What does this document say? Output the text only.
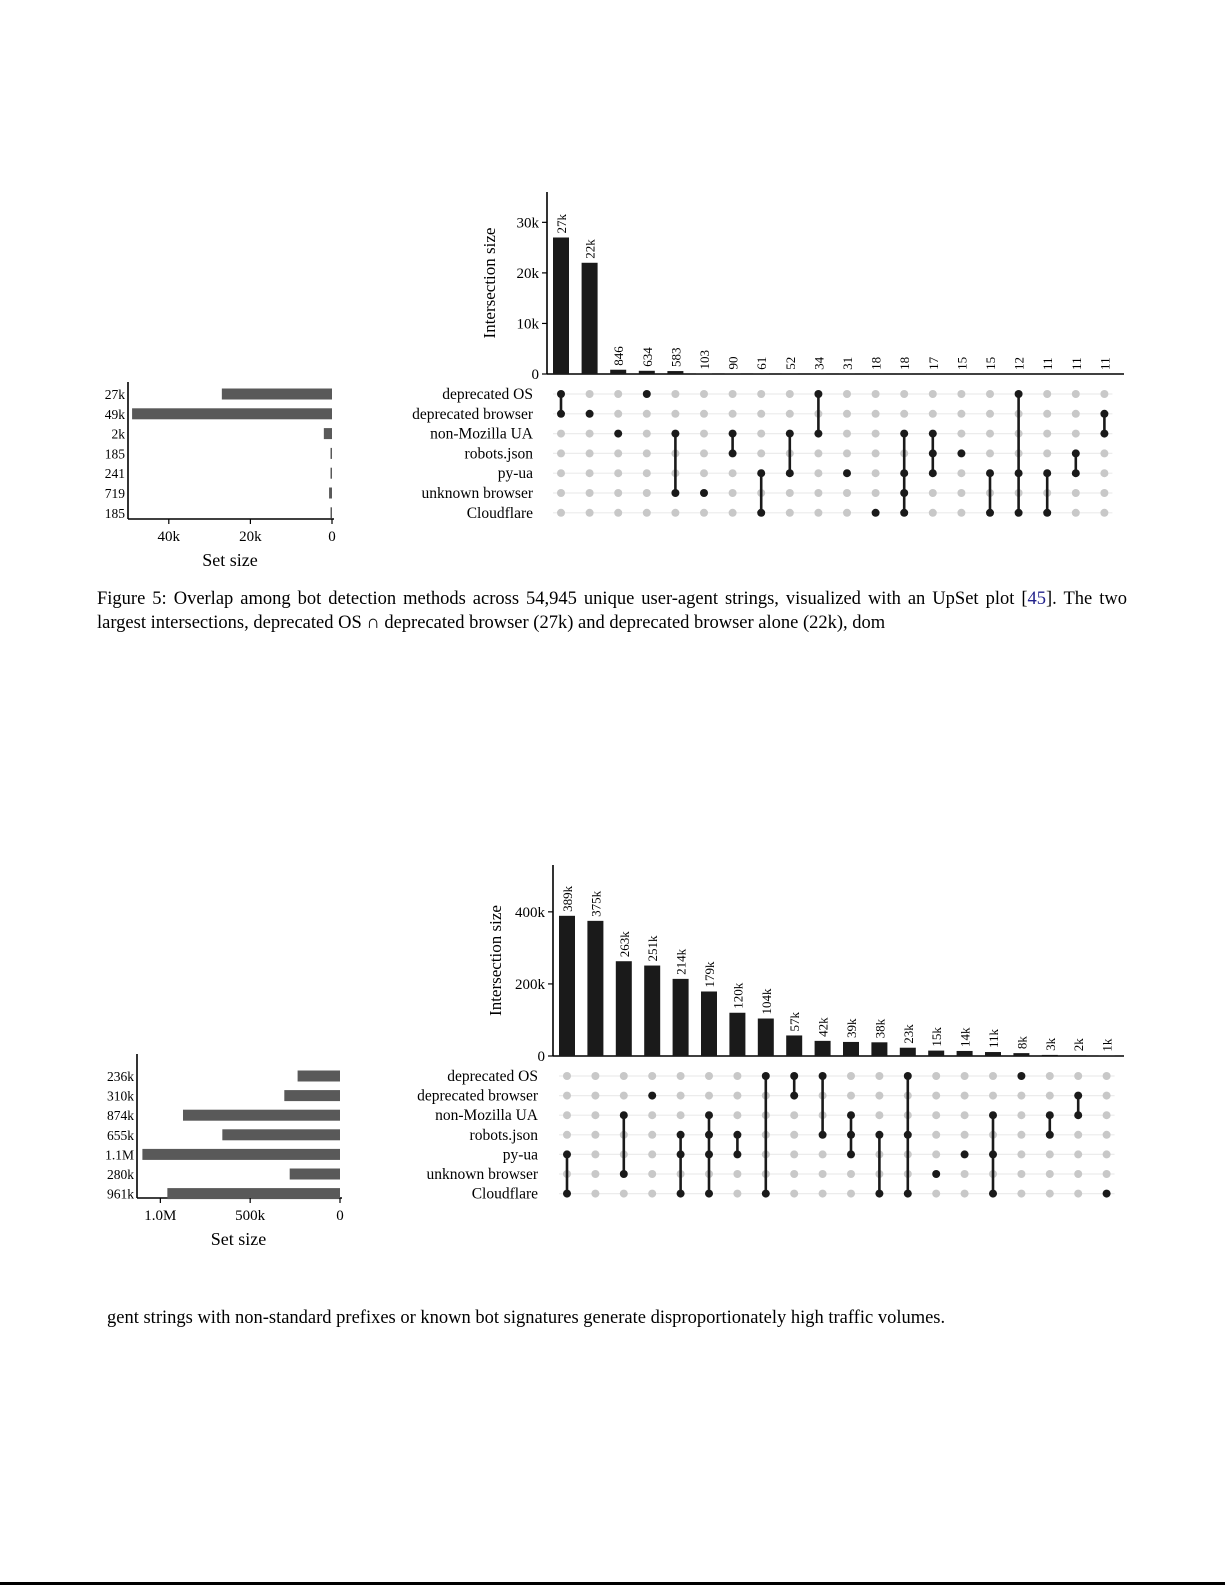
0
10k
20k
30k
Intersection size
27k
22k
846 634 583 103 90 61 52 34 31 18 18 17 15 15 12 11 11 11
deprecated OS
deprecated browser
non-Mozilla UA
robots.json
py-ua
unknown browser
Cloudflare
27k
49k
2k
185
241
719
185
40k	20k	0
Set size
Figure 5: Overlap among bot detection methods across 54,945 unique user-agent strings, visualized with an UpSet plot [45]. The two largest intersections, deprecated OS ∩ deprecated browser (27k) and deprecated browser alone (22k), dom
0
200k
400k
Intersection size
389k 375k
263k 251k
214k 179k
120k 104k
57k 42k 39k 38k 23k 15k 14k 11k 8k 3k 2k 1k
deprecated OS
deprecated browser
non-Mozilla UA
robots.json
py-ua
unknown browser
Cloudflare
236k
310k
874k
655k
1.1M
280k
961k
1.0M	500k	0
Set size
gent strings with non-standard prefixes or known bot signatures generate disproportionately high traffic volumes.
